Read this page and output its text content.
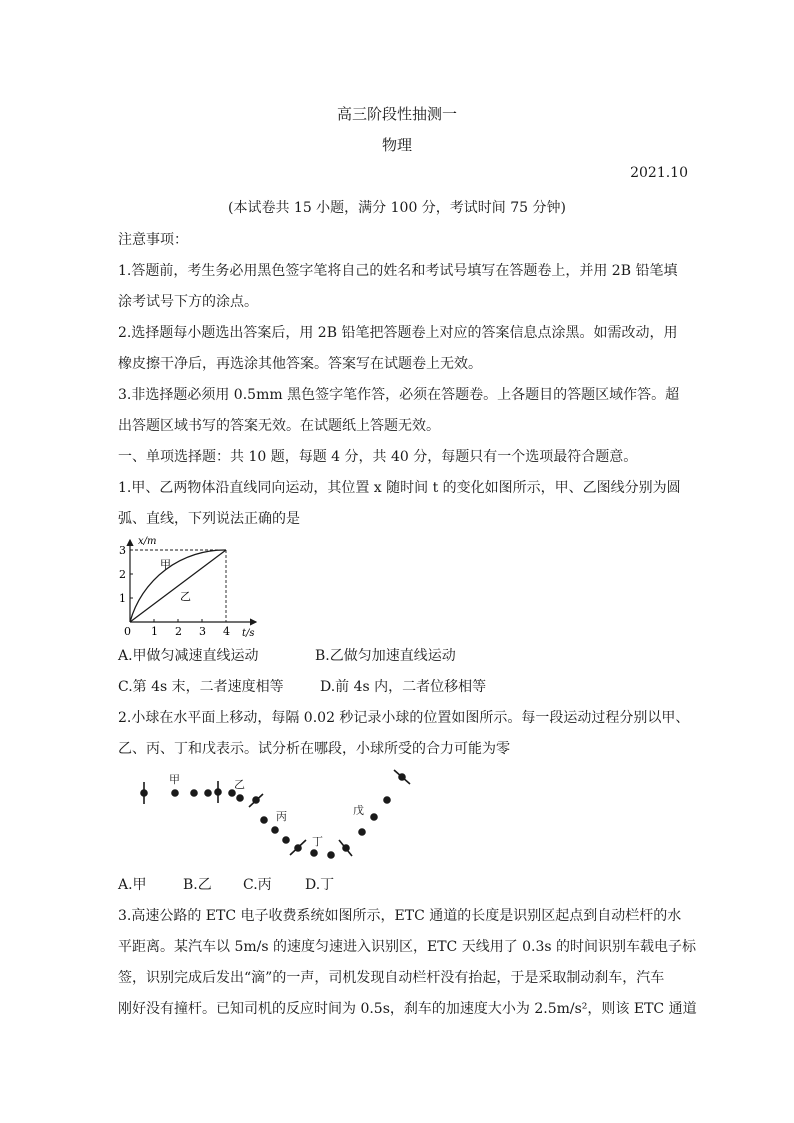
高三阶段性抽测一
物理
2021.10
(本试卷共 15 小题，满分 100 分，考试时间 75 分钟)
注意事项：
1.答题前，考生务必用黑色签字笔将自己的姓名和考试号填写在答题卷上，并用 2B 铅笔填
涂考试号下方的涂点。
2.选择题每小题选出答案后，用 2B 铅笔把答题卷上对应的答案信息点涂黑。如需改动，用
橡皮擦干净后，再选涂其他答案。答案写在试题卷上无效。
3.非选择题必须用 0.5mm 黑色签字笔作答，必须在答题卷。上各题目的答题区域作答。超
出答题区域书写的答案无效。在试题纸上答题无效。
一、单项选择题：共 10 题，每题 4 分，共 40 分，每题只有一个选项最符合题意。
1.甲、乙两物体沿直线同向运动，其位置 x 随时间 t 的变化如图所示，甲、乙图线分别为圆
弧、直线，下列说法正确的是
x/m
t/s
0 1 2 3 4
1
2
3
甲
乙
A.甲做匀减速直线运动	B.乙做匀加速直线运动
C.第 4s 末，二者速度相等	D.前 4s 内，二者位移相等
2.小球在水平面上移动，每隔 0.02 秒记录小球的位置如图所示。每一段运动过程分别以甲、
乙、丙、丁和戊表示。试分析在哪段，小球所受的合力可能为零
甲	乙
丙
丁
戊
A.甲	B.乙 C.丙 D.丁
3.高速公路的 ETC 电子收费系统如图所示，ETC 通道的长度是识别区起点到自动栏杆的水
平距离。某汽车以 5m/s 的速度匀速进入识别区，ETC 天线用了 0.3s 的时间识别车载电子标
签，识别完成后发出“滴”的一声，司机发现自动栏杆没有抬起，于是采取制动刹车，汽车
刚好没有撞杆。已知司机的反应时间为 0.5s，刹车的加速度大小为 2.5m/s²，则该 ETC 通道
